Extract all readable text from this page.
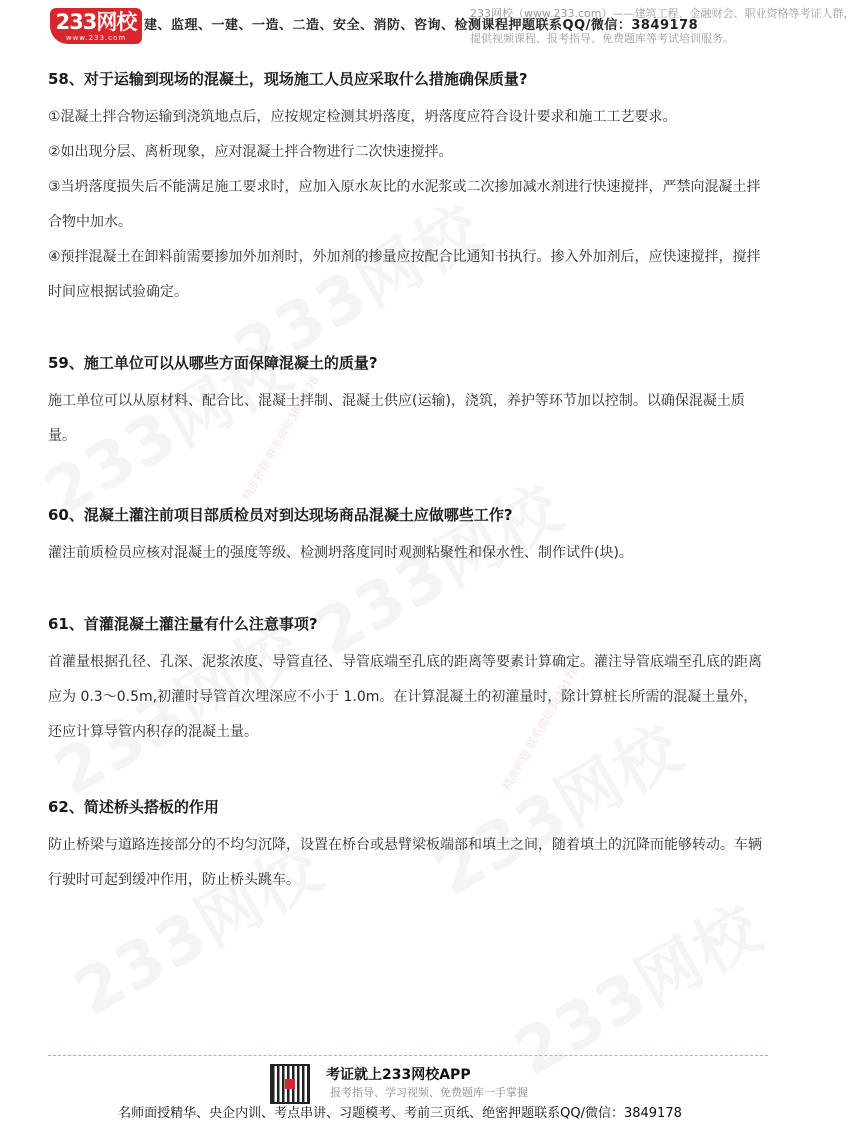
233网校
www.233.com
233网校（www.233.com）——建筑工程、金融财会、职业资格等考证人群，
提供视频课程、报考指导、免费题库等考试培训服务。
建、监理、一建、一造、二造、安全、消防、咨询、检测课程押题联系QQ/微信：3849178
精准押题 联系微信3849178
精准押题 联系微信3849178

58、对于运输到现场的混凝土，现场施工人员应采取什么措施确保质量?

①混凝土拌合物运输到浇筑地点后，应按规定检测其坍落度，坍落度应符合设计要求和施工工艺要求。

②如出现分层、离析现象，应对混凝土拌合物进行二次快速搅拌。

③当坍落度损失后不能满足施工要求时，应加入原水灰比的水泥浆或二次掺加减水剂进行快速搅拌，严禁向混凝土拌合物中加水。

④预拌混凝土在卸料前需要掺加外加剂时，外加剂的掺量应按配合比通知书执行。掺入外加剂后，应快速搅拌，搅拌时间应根据试验确定。

59、施工单位可以从哪些方面保障混凝土的质量?

施工单位可以从原材料、配合比、混凝土拌制、混凝土供应(运输)，浇筑，养护等环节加以控制。以确保混凝土质量。

60、混凝土灌注前项目部质检员对到达现场商品混凝土应做哪些工作?

灌注前质检员应核对混凝土的强度等级、检测坍落度同时观测粘聚性和保水性、制作试件(块)。

61、首灌混凝土灌注量有什么注意事项?

首灌量根据孔径、孔深、泥浆浓度、导管直径、导管底端至孔底的距离等要素计算确定。灌注导管底端至孔底的距离应为 0.3～0.5m,初灌时导管首次埋深应不小于 1.0m。在计算混凝土的初灌量时，除计算桩长所需的混凝土量外，还应计算导管内积存的混凝土量。

62、简述桥头搭板的作用

防止桥梁与道路连接部分的不均匀沉降，设置在桥台或悬臂梁板端部和填土之间，随着填土的沉降而能够转动。车辆行驶时可起到缓冲作用，防止桥头跳车。

考证就上233网校APP
报考指导、学习视频、免费题库一手掌握
名师面授精华、央企内训、考点串讲、习题模考、考前三页纸、绝密押题联系QQ/微信：3849178
